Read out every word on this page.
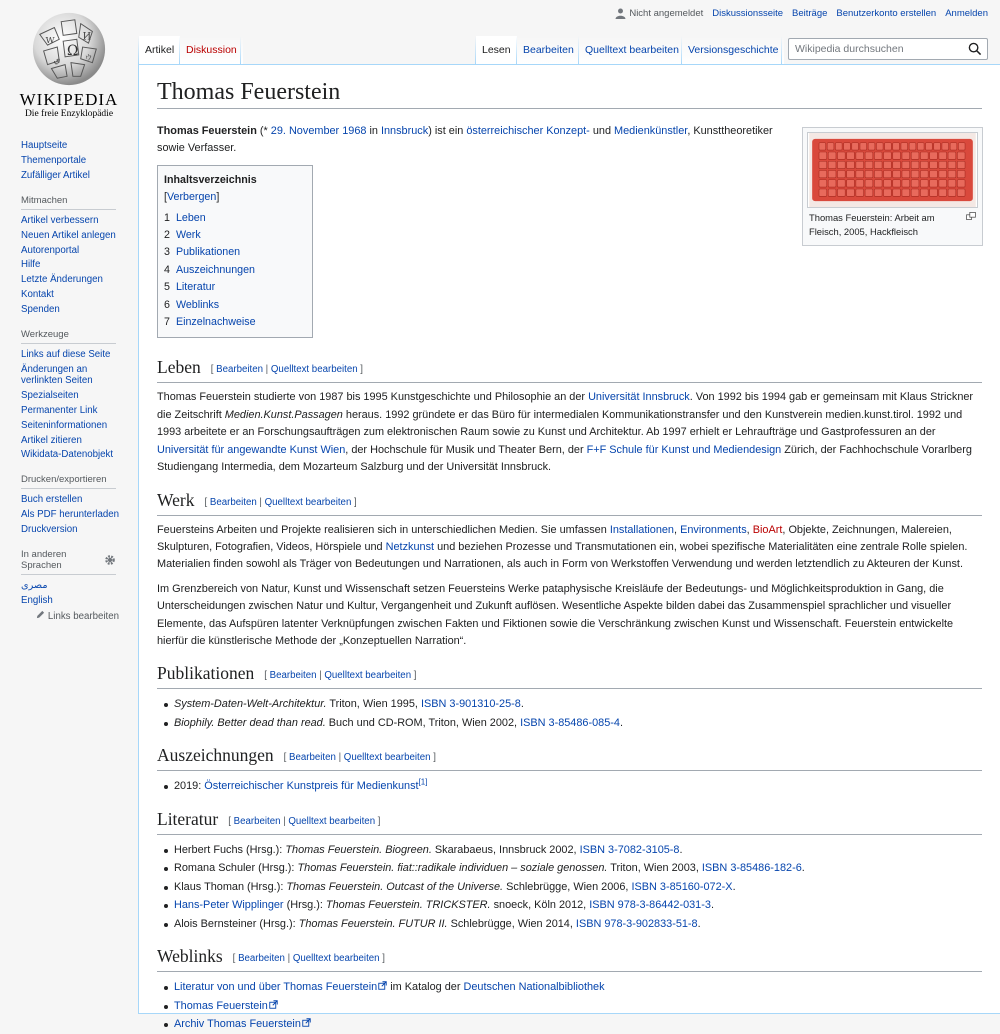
Ω
W	И
ウ
ي
WIKIPEDIA
Die freie Enzyklopädie
Nicht angemeldet Diskussionsseite Beiträge Benutzerkonto erstellen Anmelden
Artikel	Diskussion	Lesen	Bearbeiten	Quelltext bearbeiten Versionsgeschichte	Wikipedia durchsuchen
Hauptseite
Themenportale
Zufälliger Artikel
Mitmachen
Artikel verbessern
Neuen Artikel anlegen
Autorenportal
Hilfe
Letzte Änderungen
Kontakt
Spenden
Werkzeuge
Links auf diese Seite
Änderungen an verlinkten Seiten
Spezialseiten
Permanenter Link
Seiteninformationen
Artikel zitieren
Wikidata-Datenobjekt
Drucken/exportieren
Buch erstellen
Als PDF herunterladen
Druckversion
In anderen Sprachen
مصرى
English
Links bearbeiten
Thomas Feuerstein
Thomas Feuerstein: Arbeit am Fleisch, 2005, Hackfleisch

Thomas Feuerstein (* 29. November 1968 in Innsbruck) ist ein österreichischer Konzept- und Medienkünstler, Kunsttheoretiker sowie Verfasser.

Inhaltsverzeichnis [Verbergen]
1 Leben
2 Werk
3 Publikationen
4 Auszeichnungen
5 Literatur
6 Weblinks
7 Einzelnachweise
Leben [ Bearbeiten | Quelltext bearbeiten ]

Thomas Feuerstein studierte von 1987 bis 1995 Kunstgeschichte und Philosophie an der Universität Innsbruck. Von 1992 bis 1994 gab er gemeinsam mit Klaus Strickner die Zeitschrift Medien.Kunst.Passagen heraus. 1992 gründete er das Büro für intermedialen Kommunikationstransfer und den Kunstverein medien.kunst.tirol. 1992 und 1993 arbeitete er an Forschungsaufträgen zum elektronischen Raum sowie zu Kunst und Architektur. Ab 1997 erhielt er Lehraufträge und Gastprofessuren an der Universität für angewandte Kunst Wien, der Hochschule für Musik und Theater Bern, der F+F Schule für Kunst und Mediendesign Zürich, der Fachhochschule Vorarlberg Studiengang Intermedia, dem Mozarteum Salzburg und der Universität Innsbruck.

Werk [ Bearbeiten | Quelltext bearbeiten ]

Feuersteins Arbeiten und Projekte realisieren sich in unterschiedlichen Medien. Sie umfassen Installationen, Environments, BioArt, Objekte, Zeichnungen, Malereien, Skulpturen, Fotografien, Videos, Hörspiele und Netzkunst und beziehen Prozesse und Transmutationen ein, wobei spezifische Materialitäten eine zentrale Rolle spielen. Materialien finden sowohl als Träger von Bedeutungen und Narrationen, als auch in Form von Werkstoffen Verwendung und werden letztendlich zu Akteuren der Kunst.

Im Grenzbereich von Natur, Kunst und Wissenschaft setzen Feuersteins Werke pataphysische Kreisläufe der Bedeutungs- und Möglichkeitsproduktion in Gang, die Unterscheidungen zwischen Natur und Kultur, Vergangenheit und Zukunft auflösen. Wesentliche Aspekte bilden dabei das Zusammenspiel sprachlicher und visueller Elemente, das Aufspüren latenter Verknüpfungen zwischen Fakten und Fiktionen sowie die Verschränkung zwischen Kunst und Wissenschaft. Feuerstein entwickelte hierfür die künstlerische Methode der „Konzeptuellen Narration“.

Publikationen [ Bearbeiten | Quelltext bearbeiten ]
System-Daten-Welt-Architektur. Triton, Wien 1995, ISBN 3-901310-25-8.
Biophily. Better dead than read. Buch und CD-ROM, Triton, Wien 2002, ISBN 3-85486-085-4.
Auszeichnungen [ Bearbeiten | Quelltext bearbeiten ]
2019: Österreichischer Kunstpreis für Medienkunst[1]
Literatur [ Bearbeiten | Quelltext bearbeiten ]
Herbert Fuchs (Hrsg.): Thomas Feuerstein. Biogreen. Skarabaeus, Innsbruck 2002, ISBN 3-7082-3105-8.
Romana Schuler (Hrsg.): Thomas Feuerstein. fiat::radikale individuen – soziale genossen. Triton, Wien 2003, ISBN 3-85486-182-6.
Klaus Thoman (Hrsg.): Thomas Feuerstein. Outcast of the Universe. Schlebrügge, Wien 2006, ISBN 3-85160-072-X.
Hans-Peter Wipplinger (Hrsg.): Thomas Feuerstein. TRICKSTER. snoeck, Köln 2012, ISBN 978-3-86442-031-3.
Alois Bernsteiner (Hrsg.): Thomas Feuerstein. FUTUR II. Schlebrügge, Wien 2014, ISBN 978-3-902833-51-8.
Weblinks [ Bearbeiten | Quelltext bearbeiten ]
Literatur von und über Thomas Feuerstein im Katalog der Deutschen Nationalbibliothek
Thomas Feuerstein
Archiv Thomas Feuerstein
